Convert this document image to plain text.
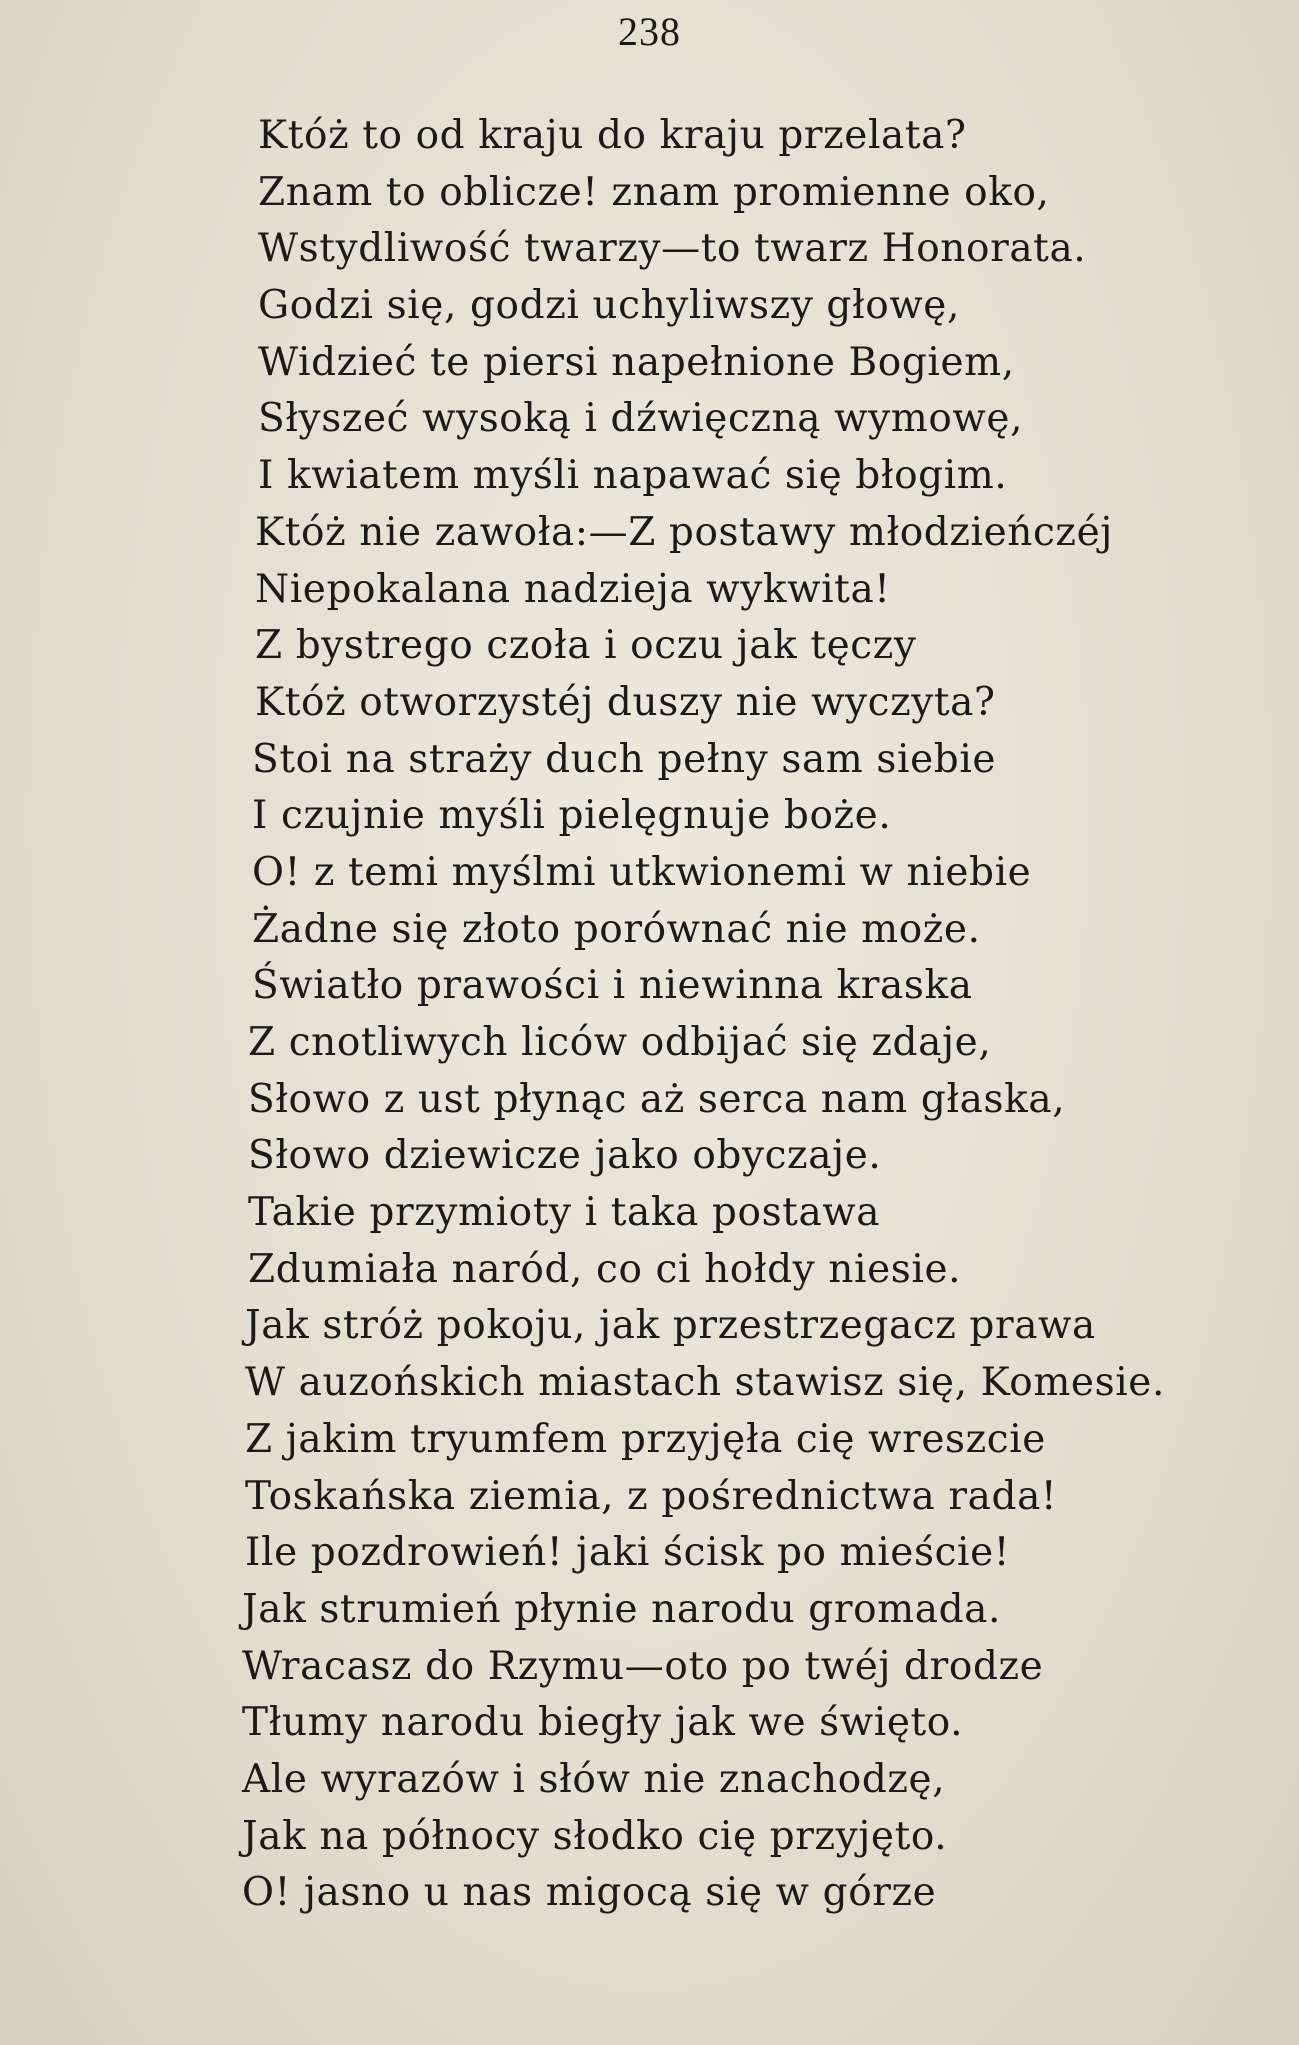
238
Któż to od kraju do kraju przelata?
Znam to oblicze! znam promienne oko,
Wstydliwość twarzy—to twarz Honorata.
Godzi się, godzi uchyliwszy głowę,
Widzieć te piersi napełnione Bogiem,
Słyszeć wysoką i dźwięczną wymowę,
I kwiatem myśli napawać się błogim.
Któż nie zawoła:—Z postawy młodzieńczéj
Niepokalana nadzieja wykwita!
Z bystrego czoła i oczu jak tęczy
Któż otworzystéj duszy nie wyczyta?
Stoi na straży duch pełny sam siebie
I czujnie myśli pielęgnuje boże.
O! z temi myślmi utkwionemi w niebie
Żadne się złoto porównać nie może.
Światło prawości i niewinna kraska
Z cnotliwych liców odbijać się zdaje,
Słowo z ust płynąc aż serca nam głaska,
Słowo dziewicze jako obyczaje.
Takie przymioty i taka postawa
Zdumiała naród, co ci hołdy niesie.
Jak stróż pokoju, jak przestrzegacz prawa
W auzońskich miastach stawisz się, Komesie.
Z jakim tryumfem przyjęła cię wreszcie
Toskańska ziemia, z pośrednictwa rada!
Ile pozdrowień! jaki ścisk po mieście!
Jak strumień płynie narodu gromada.
Wracasz do Rzymu—oto po twéj drodze
Tłumy narodu biegły jak we święto.
Ale wyrazów i słów nie znachodzę,
Jak na północy słodko cię przyjęto.
O! jasno u nas migocą się w górze
